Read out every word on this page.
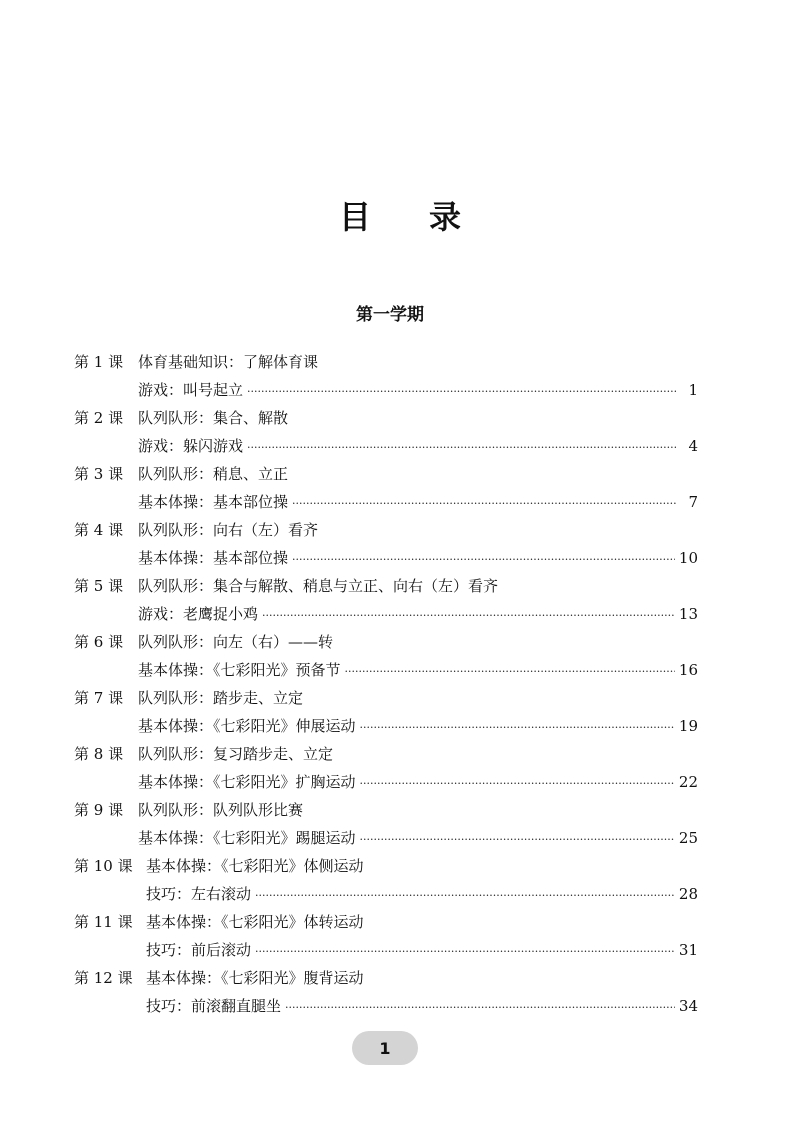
目 录
第一学期
第 1 课 体育基础知识：了解体育课
游戏：叫号起立 ·····	1
第 2 课 队列队形：集合、解散
游戏：躲闪游戏 ·····	4
第 3 课 队列队形：稍息、立正
基本体操：基本部位操 ·····	7
第 4 课 队列队形：向右（左）看齐
基本体操：基本部位操 ·····	10
第 5 课 队列队形：集合与解散、稍息与立正、向右（左）看齐
游戏：老鹰捉小鸡 ·····	13
第 6 课 队列队形：向左（右）——转
基本体操：《七彩阳光》预备节 ·····	16
第 7 课 队列队形：踏步走、立定
基本体操：《七彩阳光》伸展运动 ·····	19
第 8 课 队列队形：复习踏步走、立定
基本体操：《七彩阳光》扩胸运动 ·····	22
第 9 课 队列队形：队列队形比赛
基本体操：《七彩阳光》踢腿运动 ·····	25
第 10 课 基本体操：《七彩阳光》体侧运动
技巧：左右滚动 ·····	28
第 11 课 基本体操：《七彩阳光》体转运动
技巧：前后滚动 ·····	31
第 12 课 基本体操：《七彩阳光》腹背运动
技巧：前滚翻直腿坐 ·····	34
1
